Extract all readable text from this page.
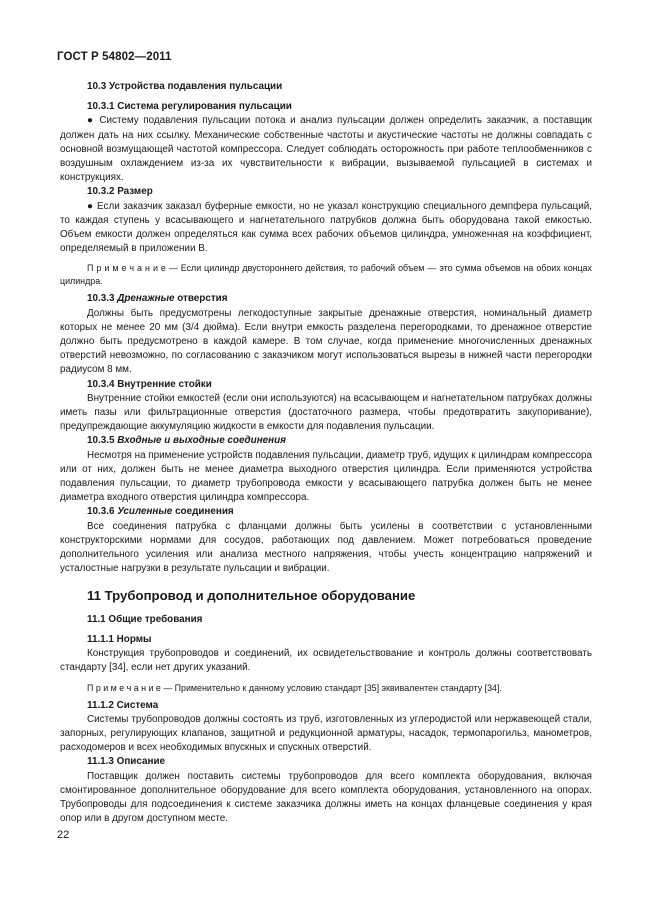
ГОСТ Р 54802—2011
10.3 Устройства подавления пульсации
10.3.1 Система регулирования пульсации

● Систему подавления пульсации потока и анализ пульсации должен определить заказчик, а поставщик должен дать на них ссылку. Механические собственные частоты и акустические частоты не должны совпадать с основной возмущающей частотой компрессора. Следует соблюдать осторожность при работе теплообменников с воздушным охлаждением из-за их чувствительности к вибрации, вызываемой пульсацией в системах и конструкциях.

10.3.2 Размер

● Если заказчик заказал буферные емкости, но не указал конструкцию специального демпфера пульсаций, то каждая ступень у всасывающего и нагнетательного патрубков должна быть оборудована такой емкостью. Объем емкости должен определяться как сумма всех рабочих объемов цилиндра, умноженная на коэффициент, определяемый в приложении В.

П р и м е ч а н и е — Если цилиндр двустороннего действия, то рабочий объем — это сумма объемов на обоих концах цилиндра.

10.3.3 Дренажные отверстия

Должны быть предусмотрены легкодоступные закрытые дренажные отверстия, номинальный диаметр которых не менее 20 мм (3/4 дюйма). Если внутри емкость разделена перегородками, то дренажное отверстие должно быть предусмотрено в каждой камере. В том случае, когда применение многочисленных дренажных отверстий невозможно, по согласованию с заказчиком могут использоваться вырезы в нижней части перегородки радиусом 8 мм.

10.3.4 Внутренние стойки

Внутренние стойки емкостей (если они используются) на всасывающем и нагнетательном патрубках должны иметь пазы или фильтрационные отверстия (достаточного размера, чтобы предотвратить закупоривание), предупреждающие аккумуляцию жидкости в емкости для подавления пульсации.

10.3.5 Входные и выходные соединения

Несмотря на применение устройств подавления пульсации, диаметр труб, идущих к цилиндрам компрессора или от них, должен быть не менее диаметра выходного отверстия цилиндра. Если применяются устройства подавления пульсации, то диаметр трубопровода емкости у всасывающего патрубка должен быть не менее диаметра входного отверстия цилиндра компрессора.

10.3.6 Усиленные соединения

Все соединения патрубка с фланцами должны быть усилены в соответствии с установленными конструкторскими нормами для сосудов, работающих под давлением. Может потребоваться проведение дополнительного усиления или анализа местного напряжения, чтобы учесть концентрацию напряжений и усталостные нагрузки в результате пульсации и вибрации.

11 Трубопровод и дополнительное оборудование
11.1 Общие требования
11.1.1 Нормы

Конструкция трубопроводов и соединений, их освидетельствование и контроль должны соответствовать стандарту [34], если нет других указаний.

П р и м е ч а н и е — Применительно к данному условию стандарт [35] эквивалентен стандарту [34].

11.1.2 Система

Системы трубопроводов должны состоять из труб, изготовленных из углеродистой или нержавеющей стали, запорных, регулирующих клапанов, защитной и редукционной арматуры, насадок, термопарогильз, манометров, расходомеров и всех необходимых впускных и спускных отверстий.

11.1.3 Описание

Поставщик должен поставить системы трубопроводов для всего комплекта оборудования, включая смонтированное дополнительное оборудование для всего комплекта оборудования, установленного на опорах. Трубопроводы для подсоединения к системе заказчика должны иметь на концах фланцевые соединения у края опор или в другом доступном месте.

22
